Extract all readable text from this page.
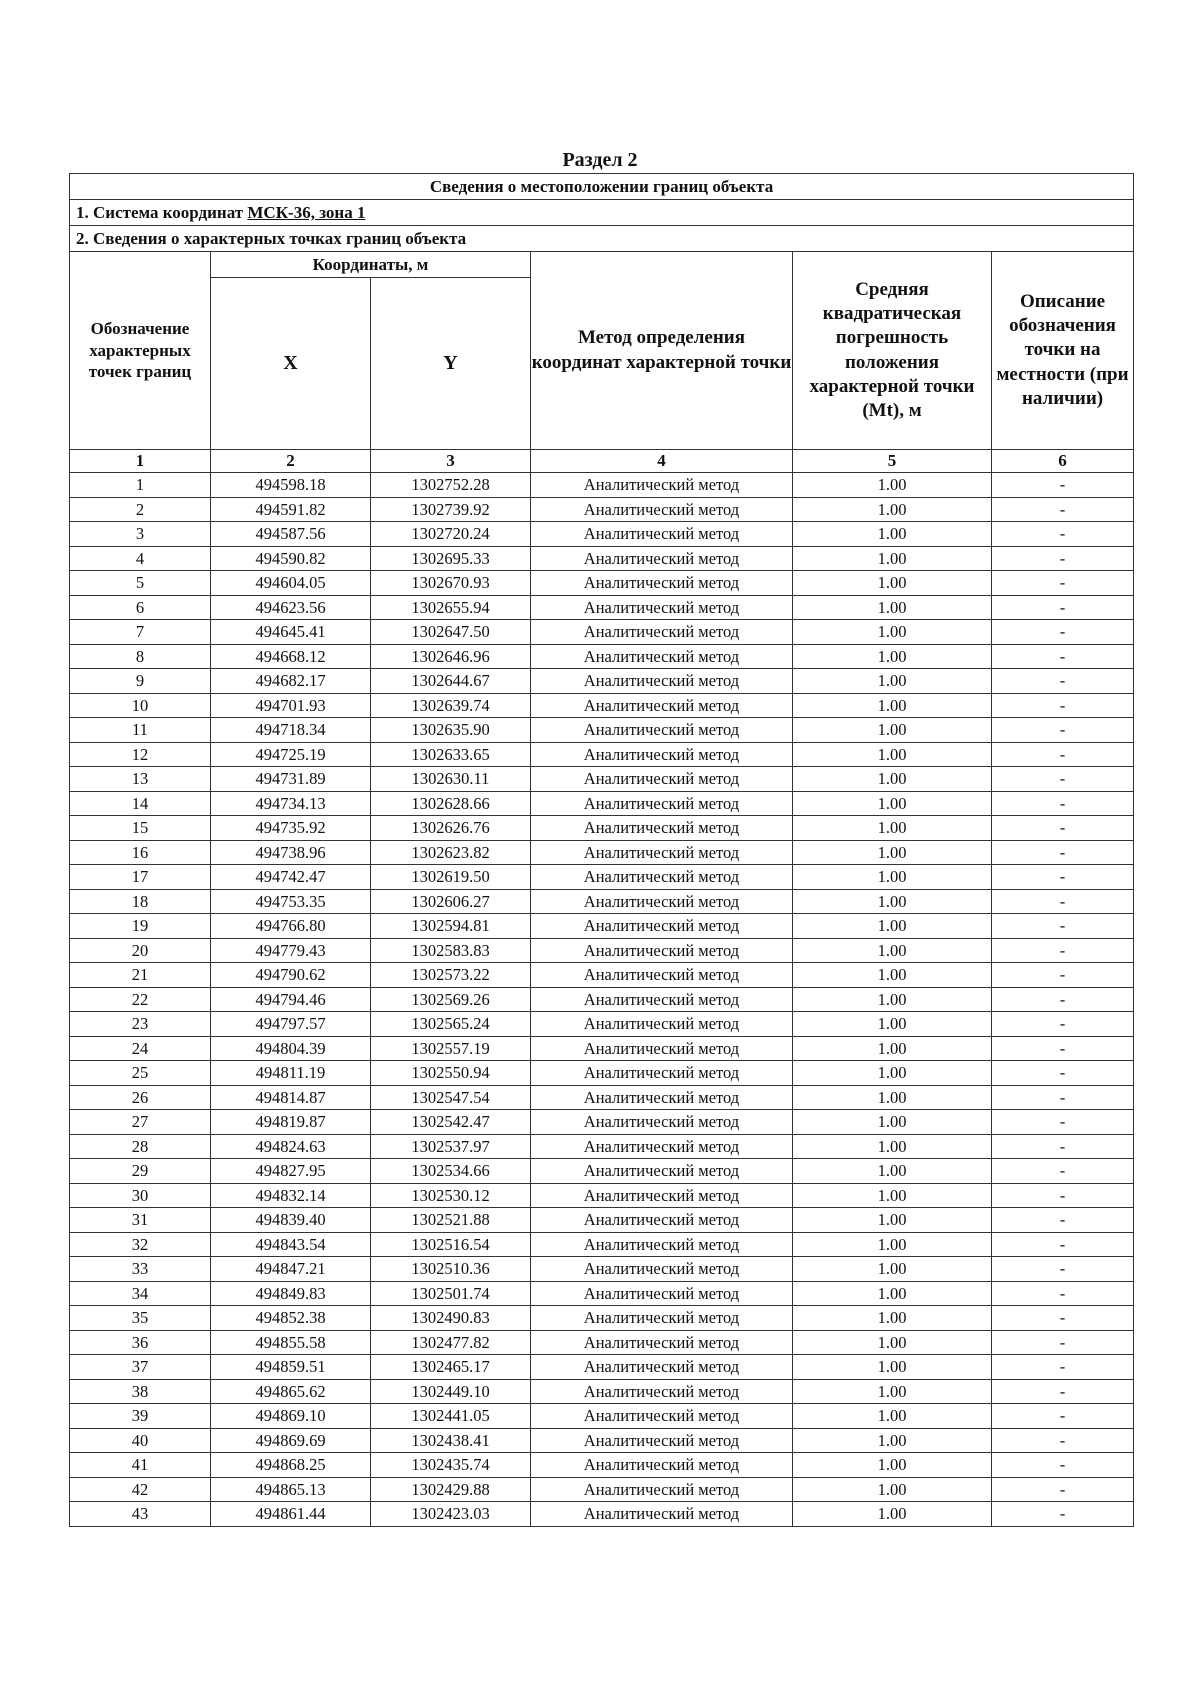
Раздел 2
Сведения о местоположении границ объекта					
1. Система координат МСК-36, зона 1					
2. Сведения о характерных точках границ объекта					
Обозначение характерных точек границ	Координаты, м		Метод определения координат характерной точки	Средняя квадратическая погрешность положения характерной точки (Mt), м	Описание обозначения точки на местности (при наличии)
	X	Y			
1	2	3	4	5	6
1	494598.18	1302752.28	Аналитический метод	1.00	-
2	494591.82	1302739.92	Аналитический метод	1.00	-
3	494587.56	1302720.24	Аналитический метод	1.00	-
4	494590.82	1302695.33	Аналитический метод	1.00	-
5	494604.05	1302670.93	Аналитический метод	1.00	-
6	494623.56	1302655.94	Аналитический метод	1.00	-
7	494645.41	1302647.50	Аналитический метод	1.00	-
8	494668.12	1302646.96	Аналитический метод	1.00	-
9	494682.17	1302644.67	Аналитический метод	1.00	-
10	494701.93	1302639.74	Аналитический метод	1.00	-
11	494718.34	1302635.90	Аналитический метод	1.00	-
12	494725.19	1302633.65	Аналитический метод	1.00	-
13	494731.89	1302630.11	Аналитический метод	1.00	-
14	494734.13	1302628.66	Аналитический метод	1.00	-
15	494735.92	1302626.76	Аналитический метод	1.00	-
16	494738.96	1302623.82	Аналитический метод	1.00	-
17	494742.47	1302619.50	Аналитический метод	1.00	-
18	494753.35	1302606.27	Аналитический метод	1.00	-
19	494766.80	1302594.81	Аналитический метод	1.00	-
20	494779.43	1302583.83	Аналитический метод	1.00	-
21	494790.62	1302573.22	Аналитический метод	1.00	-
22	494794.46	1302569.26	Аналитический метод	1.00	-
23	494797.57	1302565.24	Аналитический метод	1.00	-
24	494804.39	1302557.19	Аналитический метод	1.00	-
25	494811.19	1302550.94	Аналитический метод	1.00	-
26	494814.87	1302547.54	Аналитический метод	1.00	-
27	494819.87	1302542.47	Аналитический метод	1.00	-
28	494824.63	1302537.97	Аналитический метод	1.00	-
29	494827.95	1302534.66	Аналитический метод	1.00	-
30	494832.14	1302530.12	Аналитический метод	1.00	-
31	494839.40	1302521.88	Аналитический метод	1.00	-
32	494843.54	1302516.54	Аналитический метод	1.00	-
33	494847.21	1302510.36	Аналитический метод	1.00	-
34	494849.83	1302501.74	Аналитический метод	1.00	-
35	494852.38	1302490.83	Аналитический метод	1.00	-
36	494855.58	1302477.82	Аналитический метод	1.00	-
37	494859.51	1302465.17	Аналитический метод	1.00	-
38	494865.62	1302449.10	Аналитический метод	1.00	-
39	494869.10	1302441.05	Аналитический метод	1.00	-
40	494869.69	1302438.41	Аналитический метод	1.00	-
41	494868.25	1302435.74	Аналитический метод	1.00	-
42	494865.13	1302429.88	Аналитический метод	1.00	-
43	494861.44	1302423.03	Аналитический метод	1.00	-
